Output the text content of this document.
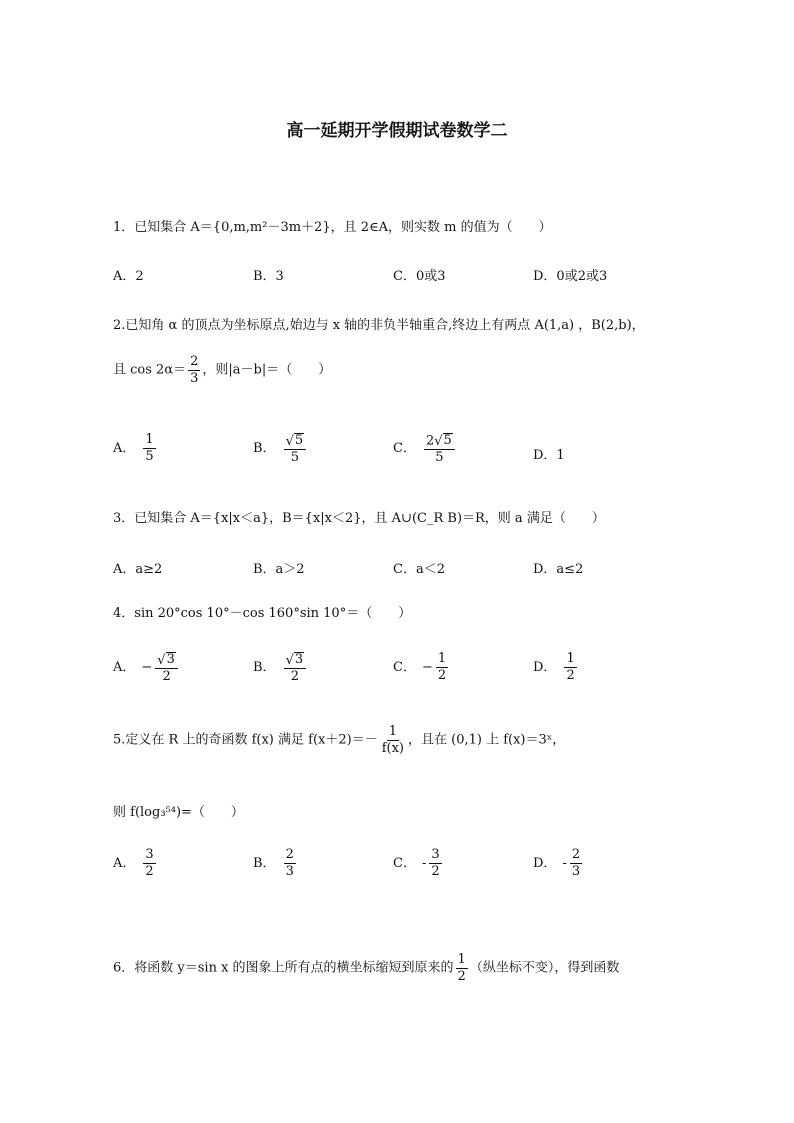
高一延期开学假期试卷数学二
1．已知集合 A＝{0,m,m²－3m＋2}，且 2∈A，则实数 m 的值为（　　）
A．2	B．3	C．0或3	D．0或2或3
2.已知角 α 的顶点为坐标原点,始边与 x 轴的非负半轴重合,终边上有两点 A(1,a) ，B(2,b)，
且 $\cos 2\alpha= \frac{2}{3}$ ，则|a－b|＝（　　）
A． $\frac{1}{5}$	B． $\frac{√ 5}{5}$	C． $\frac{2 √ 5}{5}$	D．1
3．已知集合 A＝{x|x＜a}，B＝{x|x＜2}，且 A∪(C_R B)＝R，则 a 满足（　　）
A．a≥2	B．a＞2	C．a＜2	D．a≤2
4．sin 20°cos 10°－cos 160°sin 10°＝（　　）
A． − $\frac{√ 3}{2}$	B． $\frac{√ 3}{2}$	C． − $\frac{1}{2}$	D． $\frac{1}{2}$
5.定义在 R 上的奇函数 f(x) 满足 $f(x+2)=- \frac{1}{f(x)}$ ，且在 (0,1) 上 f(x)＝3ˣ，
则 f(log₃⁵⁴)=（　　）
A． $\frac{3}{2}$	B． $\frac{2}{3}$	C． - $\frac{3}{2}$	D． - $\frac{2}{3}$
6．将函数 y＝sin x 的图象上所有点的横坐标缩短到原来的 $\frac{1}{2}$ （纵坐标不变），得到函数
